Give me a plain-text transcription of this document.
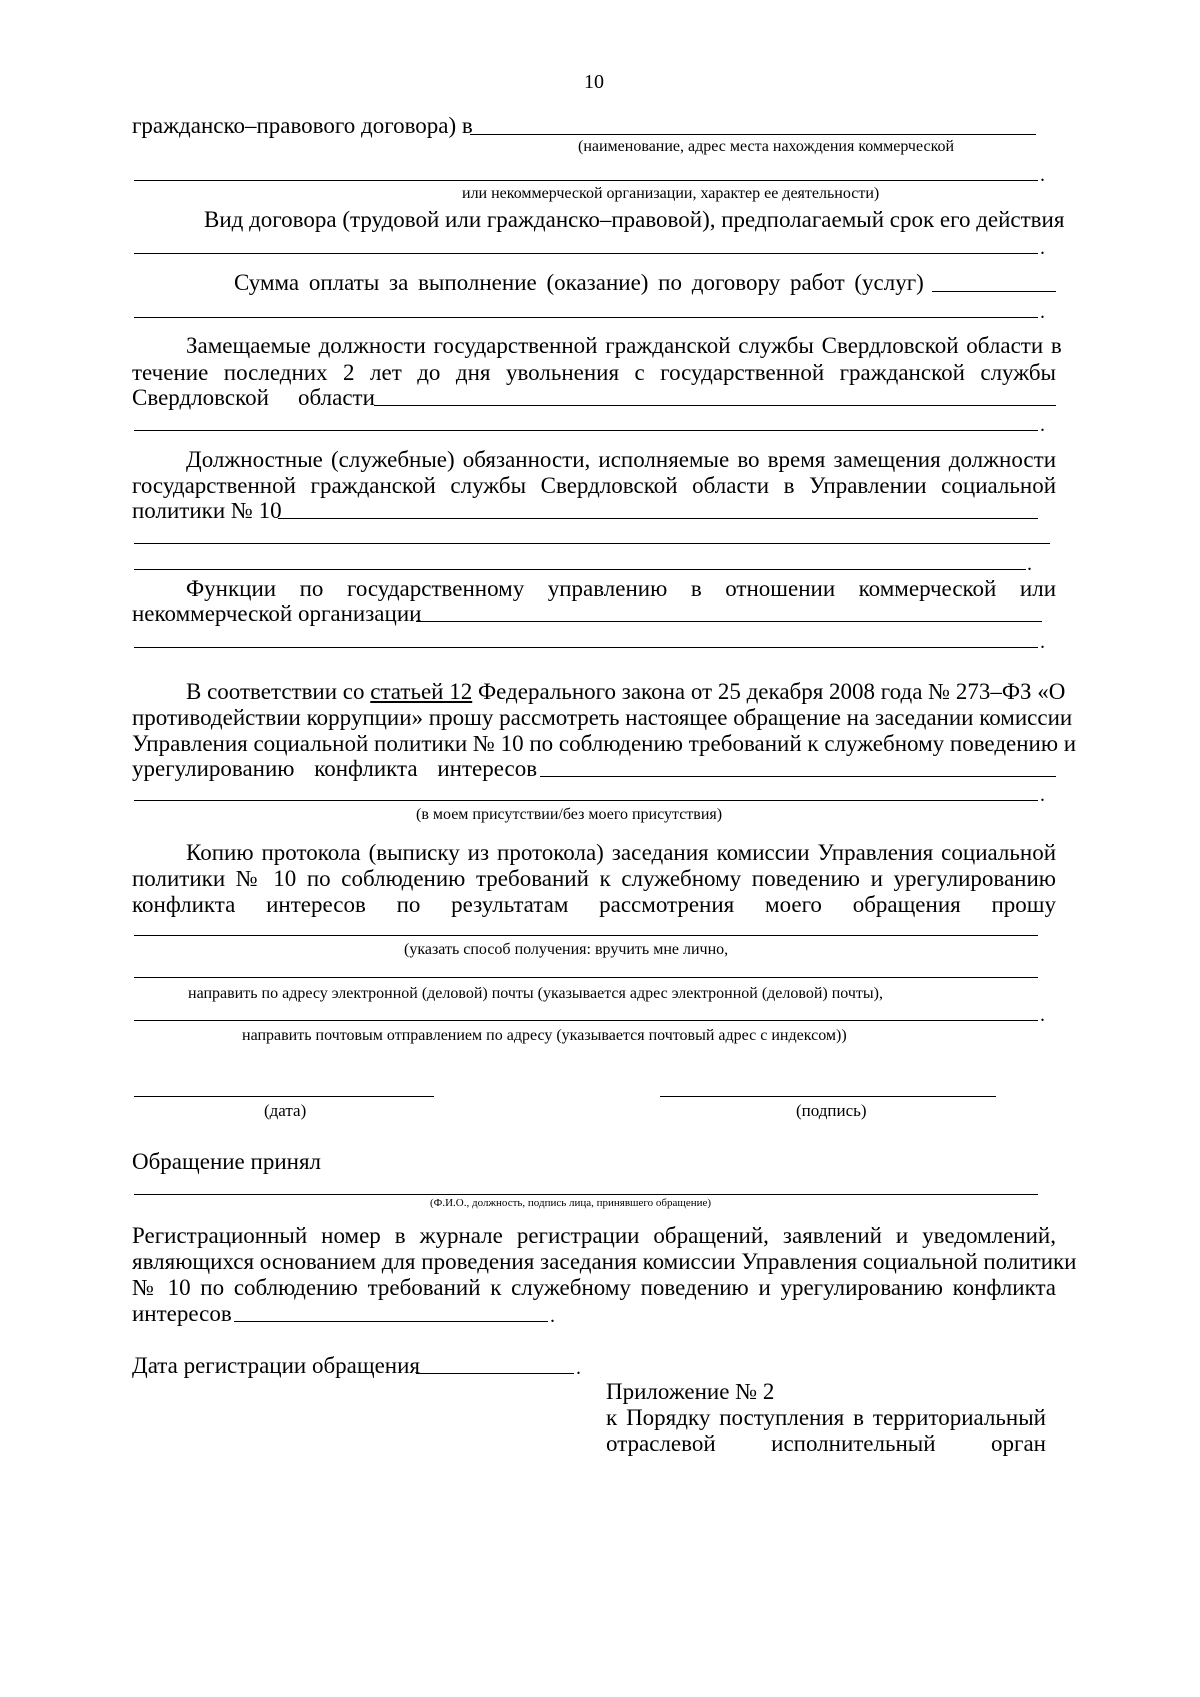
10
гражданско–правового договора) в
(наименование, адрес места нахождения коммерческой
.
или некоммерческой организации, характер ее деятельности)
Вид договора (трудовой или гражданско–правовой), предполагаемый срок его действия
.
Сумма оплаты за выполнение (оказание) по договору работ (услуг)
.
Замещаемые должности государственной гражданской службы Свердловской области в
течение последних 2 лет до дня увольнения с государственной гражданской службы
Свердловской области
.
Должностные (служебные) обязанности, исполняемые во время замещения должности
государственной гражданской службы Свердловской области в Управлении социальной
политики № 10
.
Функции по государственному управлению в отношении коммерческой или
некоммерческой организации
.
В соответствии со статьей 12 Федерального закона от 25 декабря 2008 года № 273–ФЗ «О
противодействии коррупции» прошу рассмотреть настоящее обращение на заседании комиссии
Управления социальной политики № 10 по соблюдению требований к служебному поведению и
урегулированию конфликта интересов
.
(в моем присутствии/без моего присутствия)
Копию протокола (выписку из протокола) заседания комиссии Управления социальной
политики № 10 по соблюдению требований к служебному поведению и урегулированию
конфликта интересов по результатам рассмотрения моего обращения прошу
(указать способ получения: вручить мне лично,
направить по адресу электронной (деловой) почты (указывается адрес электронной (деловой) почты),
.
направить почтовым отправлением по адресу (указывается почтовый адрес с индексом))
(дата)	(подпись)
Обращение принял
(Ф.И.О., должность, подпись лица, принявшего обращение)
Регистрационный номер в журнале регистрации обращений, заявлений и уведомлений,
являющихся основанием для проведения заседания комиссии Управления социальной политики
№ 10 по соблюдению требований к служебному поведению и урегулированию конфликта
интересов	.
Дата регистрации обращения	.
Приложение № 2
к Порядку поступления в территориальный
отраслевой исполнительный орган
